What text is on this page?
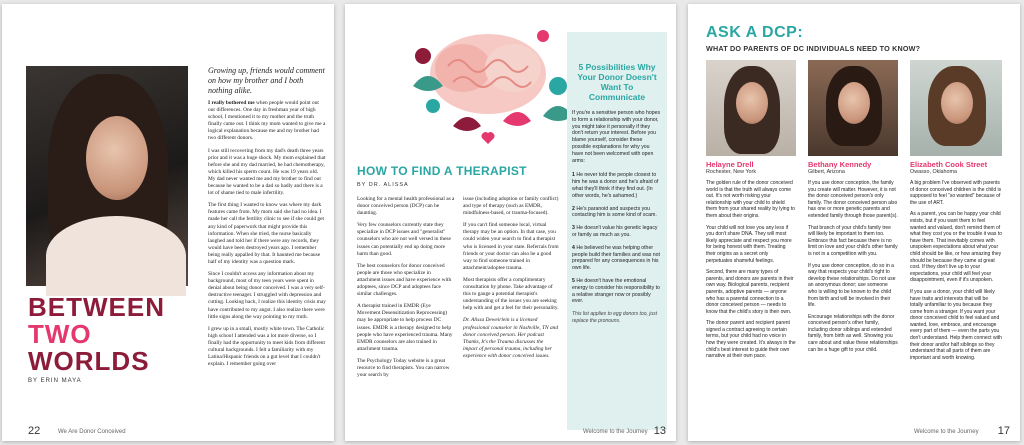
BETWEEN
TWO
WORLDS
BY ERIN MAYA
Growing up, friends would comment on how my brother and I both nothing alike.

I really bothered me when people would point out our differences. One day in freshman year of high school, I mentioned it to my mother and the truth finally came out. I think my mom wanted to give me a logical explanation because me and my brother had two different donors.

I was still recovering from my dad's death three years prior and it was a huge shock. My mom explained that before she and my dad married, he had chemotherapy, which killed his sperm count. He was 19 years old. My dad never wanted me and my brother to find out because he wanted to be a dad so badly and there is a lot of shame tied to male infertility.

The first thing I wanted to know was where my dark features came from. My mom said she had no idea. I made her call the fertility clinic to see if she could get any kind of paperwork that might provide this information. When she tried, the nurse basically laughed and told her if there were any records, they would have been destroyed years ago. I remember being really appalled by that. It haunted me because half of my identity was a question mark.

Since I couldn't access any information about my background, most of my teen years were spent in denial about being donor conceived. I was a very self-destructive teenager. I struggled with depression and cutting. Looking back, I realize this identity crisis may have contributed to my angst. I also realize there were little signs along the way pointing to my truth.

I grew up in a small, mostly white town. The Catholic high school I attended was a lot more diverse, so I finally had the opportunity to meet kids from different cultural backgrounds. I felt a familiarity with my Latina/Hispanic friends on a gut level that I couldn't explain. I remember going over

22	We Are Donor Conceived
HOW TO FIND A THERAPIST
BY DR. ALISSA

Looking for a mental health professional as a donor conceived person (DCP) can be daunting.

Very few counselors currently state they specialize in DCP issues and "generalist" counselors who are not well versed in these issues can potentially end up doing more harm than good.

The best counselors for donor conceived people are those who specialize in attachment issues and have experience with adoptees, since DCP and adoptees face similar challenges.

A therapist trained in EMDR (Eye Movement Desensitization Reprocessing) may be appropriate to help process DC issues. EMDR is a therapy designed to help people who have experienced trauma. Many EMDR counselors are also trained in attachment trauma.

The Psychology Today website is a great resource to find therapists. You can narrow your search by

issue (including adoption or family conflict) and type of therapy (such as EMDR, mindfulness-based, or trauma-focused).

If you can't find someone local, virtual therapy may be an option. In that case, you could widen your search to find a therapist who is licensed in your state. Referrals from friends or your doctor can also be a good way to find someone trained in attachment/adoptee trauma.

Most therapists offer a complimentary consultation by phone. Take advantage of this to gauge a potential therapist's understanding of the issues you are seeking help with and get a feel for their personality.

Dr. Alissa Deweirlein is a licensed professional counselor in Nashville, TN and donor conceived person. Her podcast Thanks, It's the Trauma discusses the impact of personal trauma, including her experience with donor conceived issues.

5 Possibilities Why Your Donor Doesn't Want To Communicate
If you're a sensitive person who hopes to form a relationship with your donor, you might take it personally if they don't return your interest. Before you blame yourself, consider these possible explanations for why you have not been welcomed with open arms:
1 He never told the people closest to him he was a donor and he's afraid of what they'll think if they find out. (In other words, he's ashamed.)
2 He's paranoid and suspects you contacting him is some kind of scam.
3 He doesn't value his genetic legacy or family as much as you.
4 He believed he was helping other people build their families and was not prepared for any consequences in his own life.
5 He doesn't have the emotional energy to consider his responsibility to a relative stranger now or possibly ever.
This list applies to egg donors too, just replace the pronouns.
Welcome to the Journey 13
ASK A DCP:
WHAT DO PARENTS OF DC INDIVIDUALS NEED TO KNOW?
Helayne Drell
Rochester, New York

The golden rule of the donor conceived world is that the truth will always come out. It's not worth risking your relationship with your child to shield them from your shared reality by lying to them about their origins.

Your child will not love you any less if you don't share DNA. They will most likely appreciate and respect you more for being honest with them. Treating their origins as a secret only perpetuates shameful feelings.

Second, there are many types of parents, and donors are parents in their own way. Biological parents, recipient parents, adoptive parents — anyone who has a parental connection to a donor conceived person — needs to know that the child's story is their own.

The donor parent and recipient parent signed a contract agreeing to certain terms, but your child had no voice in how they were created. It's always in the child's best interest to guide their own narrative at their own pace.

Bethany Kennedy
Gilbert, Arizona

If you use donor conception, the family you create will matter. However, it is not the donor conceived person's only family. The donor conceived person also has one or more genetic parents and extended family through those parent(s).

That branch of your child's family tree will likely be important to them too. Embrace this fact because there is no limit on love and your child's other family is not in a competition with you.

If you use donor conception, do so in a way that respects your child's right to develop these relationships. Do not use an anonymous donor; use someone who is willing to be known to the child from birth and will be involved in their life.

Encourage relationships with the donor conceived person's other family, including donor siblings and extended family, from birth as well. Showing you care about and value these relationships can be a huge gift to your child.

Elizabeth Cook Street
Owasso, Oklahoma

A big problem I've observed with parents of donor conceived children is the child is supposed to feel "so wanted" because of the use of ART.

As a parent, you can be happy your child exists, but if you want them to feel wanted and valued, don't remind them of what they cost you or the trouble it was to have them. That inevitably comes with unspoken expectations about what your child should be like, or how amazing they should be because they came at great cost. If they don't live up to your expectations, your child will feel your disappointment, even if it's unspoken.

If you use a donor, your child will likely have traits and interests that will be totally unfamiliar to you because they come from a stranger. If you want your donor conceived child to feel valued and wanted, love, embrace, and encourage every part of them — even the parts you don't understand. Help them connect with their donor and/or half siblings so they understand that all parts of them are important and worth knowing.

Welcome to the Journey 17
